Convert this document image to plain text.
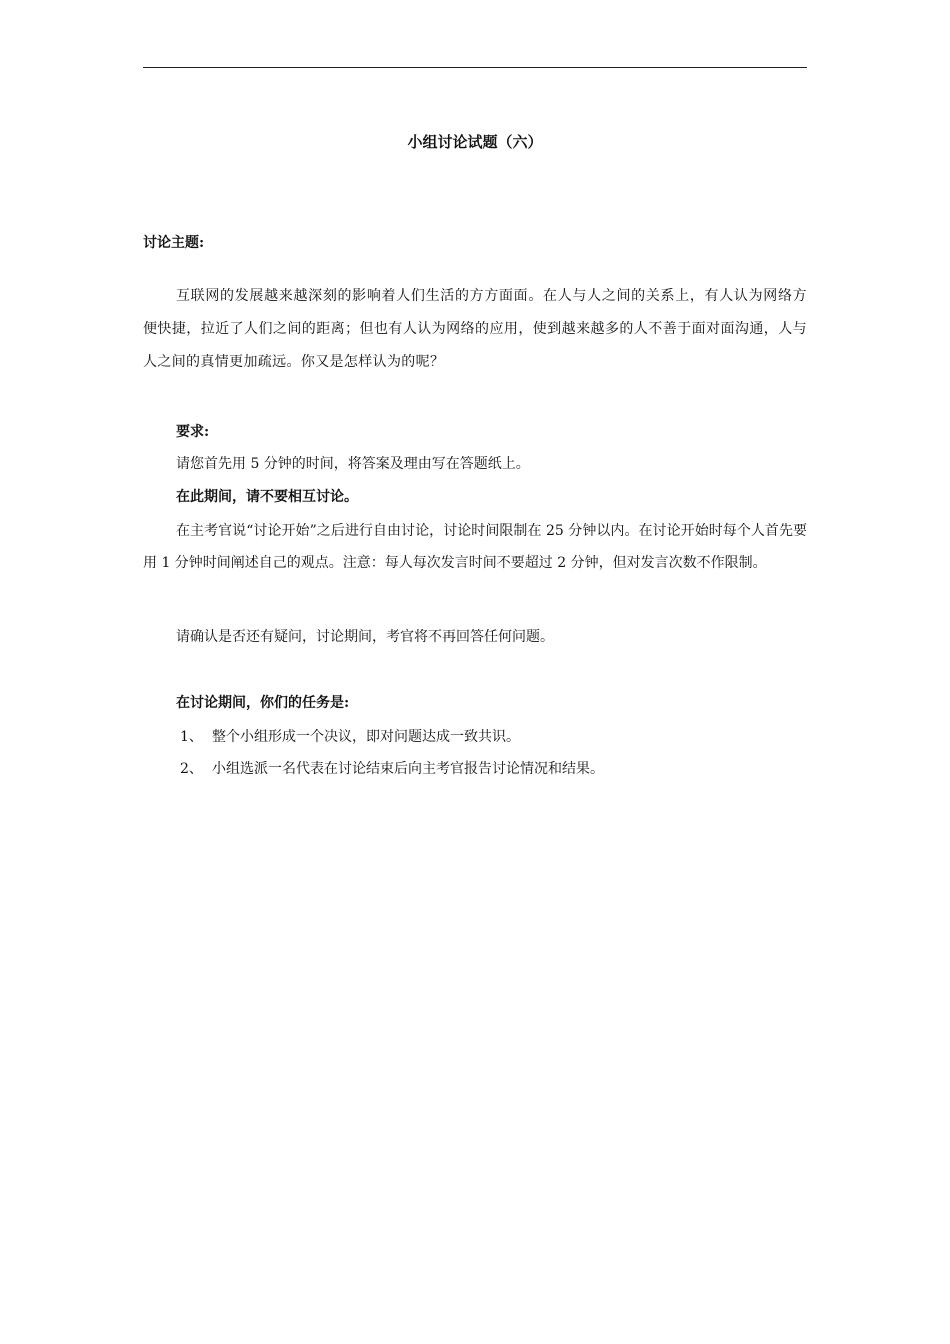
小组讨论试题（六）

讨论主题:

互联网的发展越来越深刻的影响着人们生活的方方面面。在人与人之间的关系上，有人认为网络方便快捷，拉近了人们之间的距离；但也有人认为网络的应用，使到越来越多的人不善于面对面沟通，人与人之间的真情更加疏远。你又是怎样认为的呢？

要求:

请您首先用 5 分钟的时间，将答案及理由写在答题纸上。

在此期间，请不要相互讨论。

在主考官说“讨论开始”之后进行自由讨论，讨论时间限制在 25 分钟以内。在讨论开始时每个人首先要用 1 分钟时间阐述自己的观点。注意：每人每次发言时间不要超过 2 分钟，但对发言次数不作限制。

请确认是否还有疑问，讨论期间，考官将不再回答任何问题。

在讨论期间，你们的任务是:

1、 整个小组形成一个决议，即对问题达成一致共识。
2、 小组选派一名代表在讨论结束后向主考官报告讨论情况和结果。
